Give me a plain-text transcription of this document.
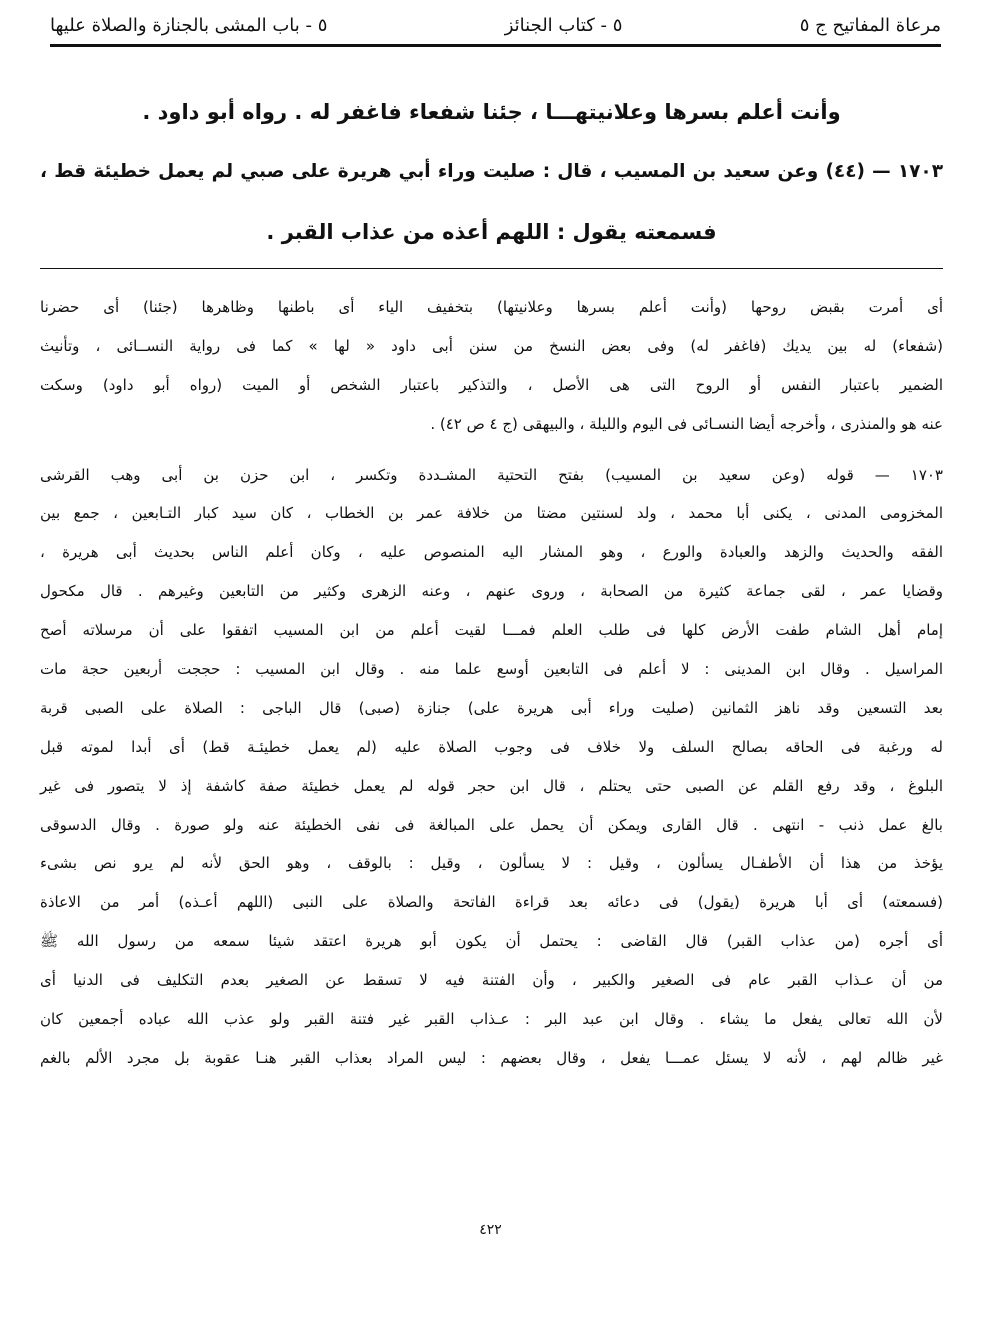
مرعاة المفاتيح ج ٥
٥ - كتاب الجنائز
٥ - باب المشى بالجنازة والصلاة عليها
وأنت أعلم بسرها وعلانيتهـــا ، جئنا شفعاء فاغفر له . رواه أبو داود .
١٧٠٣ — (٤٤) وعن سعيد بن المسيب ، قال : صليت وراء أبي هريرة على صبي لم يعمل خطيئة قط ،
فسمعته يقول : اللهم أعذه من عذاب القبر .
أى أمرت بقبض روحها (وأنت أعلم بسرها وعلانيتها) بتخفيف الياء أى باطنها وظاهرها (جئنا) أى حضرنا
(شفعاء) له بين يديك (فاغفر له) وفى بعض النسخ من سنن أبى داود « لها » كما فى رواية النســائى ، وتأنيث
الضمير باعتبار النفس أو الروح التى هى الأصل ، والتذكير باعتبار الشخص أو الميت (رواه أبو داود) وسكت
عنه هو والمنذرى ، وأخرجه أيضا النسـائى فى اليوم والليلة ، والبيهقى (ج ٤ ص ٤٢) .
١٧٠٣ — قوله (وعن سعيد بن المسيب) بفتح التحتية المشـددة وتكسر ، ابن حزن بن أبى وهب القرشى
المخزومى المدنى ، يكنى أبا محمد ، ولد لسنتين مضتا من خلافة عمر بن الخطاب ، كان سيد كبار التـابعين ، جمع بين
الفقه والحديث والزهد والعبادة والورع ، وهو المشار اليه المنصوص عليه ، وكان أعلم الناس بحديث أبى هريرة ،
وقضايا عمر ، لقى جماعة كثيرة من الصحابة ، وروى عنهم ، وعنه الزهرى وكثير من التابعين وغيرهم . قال مكحول
إمام أهل الشام طفت الأرض كلها فى طلب العلم فمـــا لقيت أعلم من ابن المسيب اتفقوا على أن مرسلاته أصح
المراسيل . وقال ابن المدينى : لا أعلم فى التابعين أوسع علما منه . وقال ابن المسيب : حججت أربعين حجة مات
بعد التسعين وقد ناهز الثمانين (صليت وراء أبى هريرة على) جنازة (صبى) قال الباجى : الصلاة على الصبى قربة
له ورغبة فى الحاقه بصالح السلف ولا خلاف فى وجوب الصلاة عليه (لم يعمل خطيئـة قط) أى أبدا لموته قبل
البلوغ ، وقد رفع القلم عن الصبى حتى يحتلم ، قال ابن حجر قوله لم يعمل خطيئة صفة كاشفة إذ لا يتصور فى غير
بالغ عمل ذنب - انتهى . قال القارى ويمكن أن يحمل على المبالغة فى نفى الخطيئة عنه ولو صورة . وقال الدسوقى
يؤخذ من هذا أن الأطفـال يسألون ، وقيل : لا يسألون ، وقيل : بالوقف ، وهو الحق لأنه لم يرو نص بشىء
(فسمعته) أى أبا هريرة (يقول) فى دعائه بعد قراءة الفاتحة والصلاة على النبى (اللهم أعـذه) أمر من الاعاذة
أى أجره (من عذاب القبر) قال القاضى : يحتمل أن يكون أبو هريرة اعتقد شيئا سمعه من رسول الله ﷺ
من أن عـذاب القبر عام فى الصغير والكبير ، وأن الفتنة فيه لا تسقط عن الصغير بعدم التكليف فى الدنيا أى
لأن الله تعالى يفعل ما يشاء . وقال ابن عبد البر : عـذاب القبر غير فتنة القبر ولو عذب الله عباده أجمعين كان
غير ظالم لهم ، لأنه لا يسئل عمـــا يفعل ، وقال بعضهم : ليس المراد بعذاب القبر هنـا عقوبة بل مجرد الألم بالغم
٤٢٢
